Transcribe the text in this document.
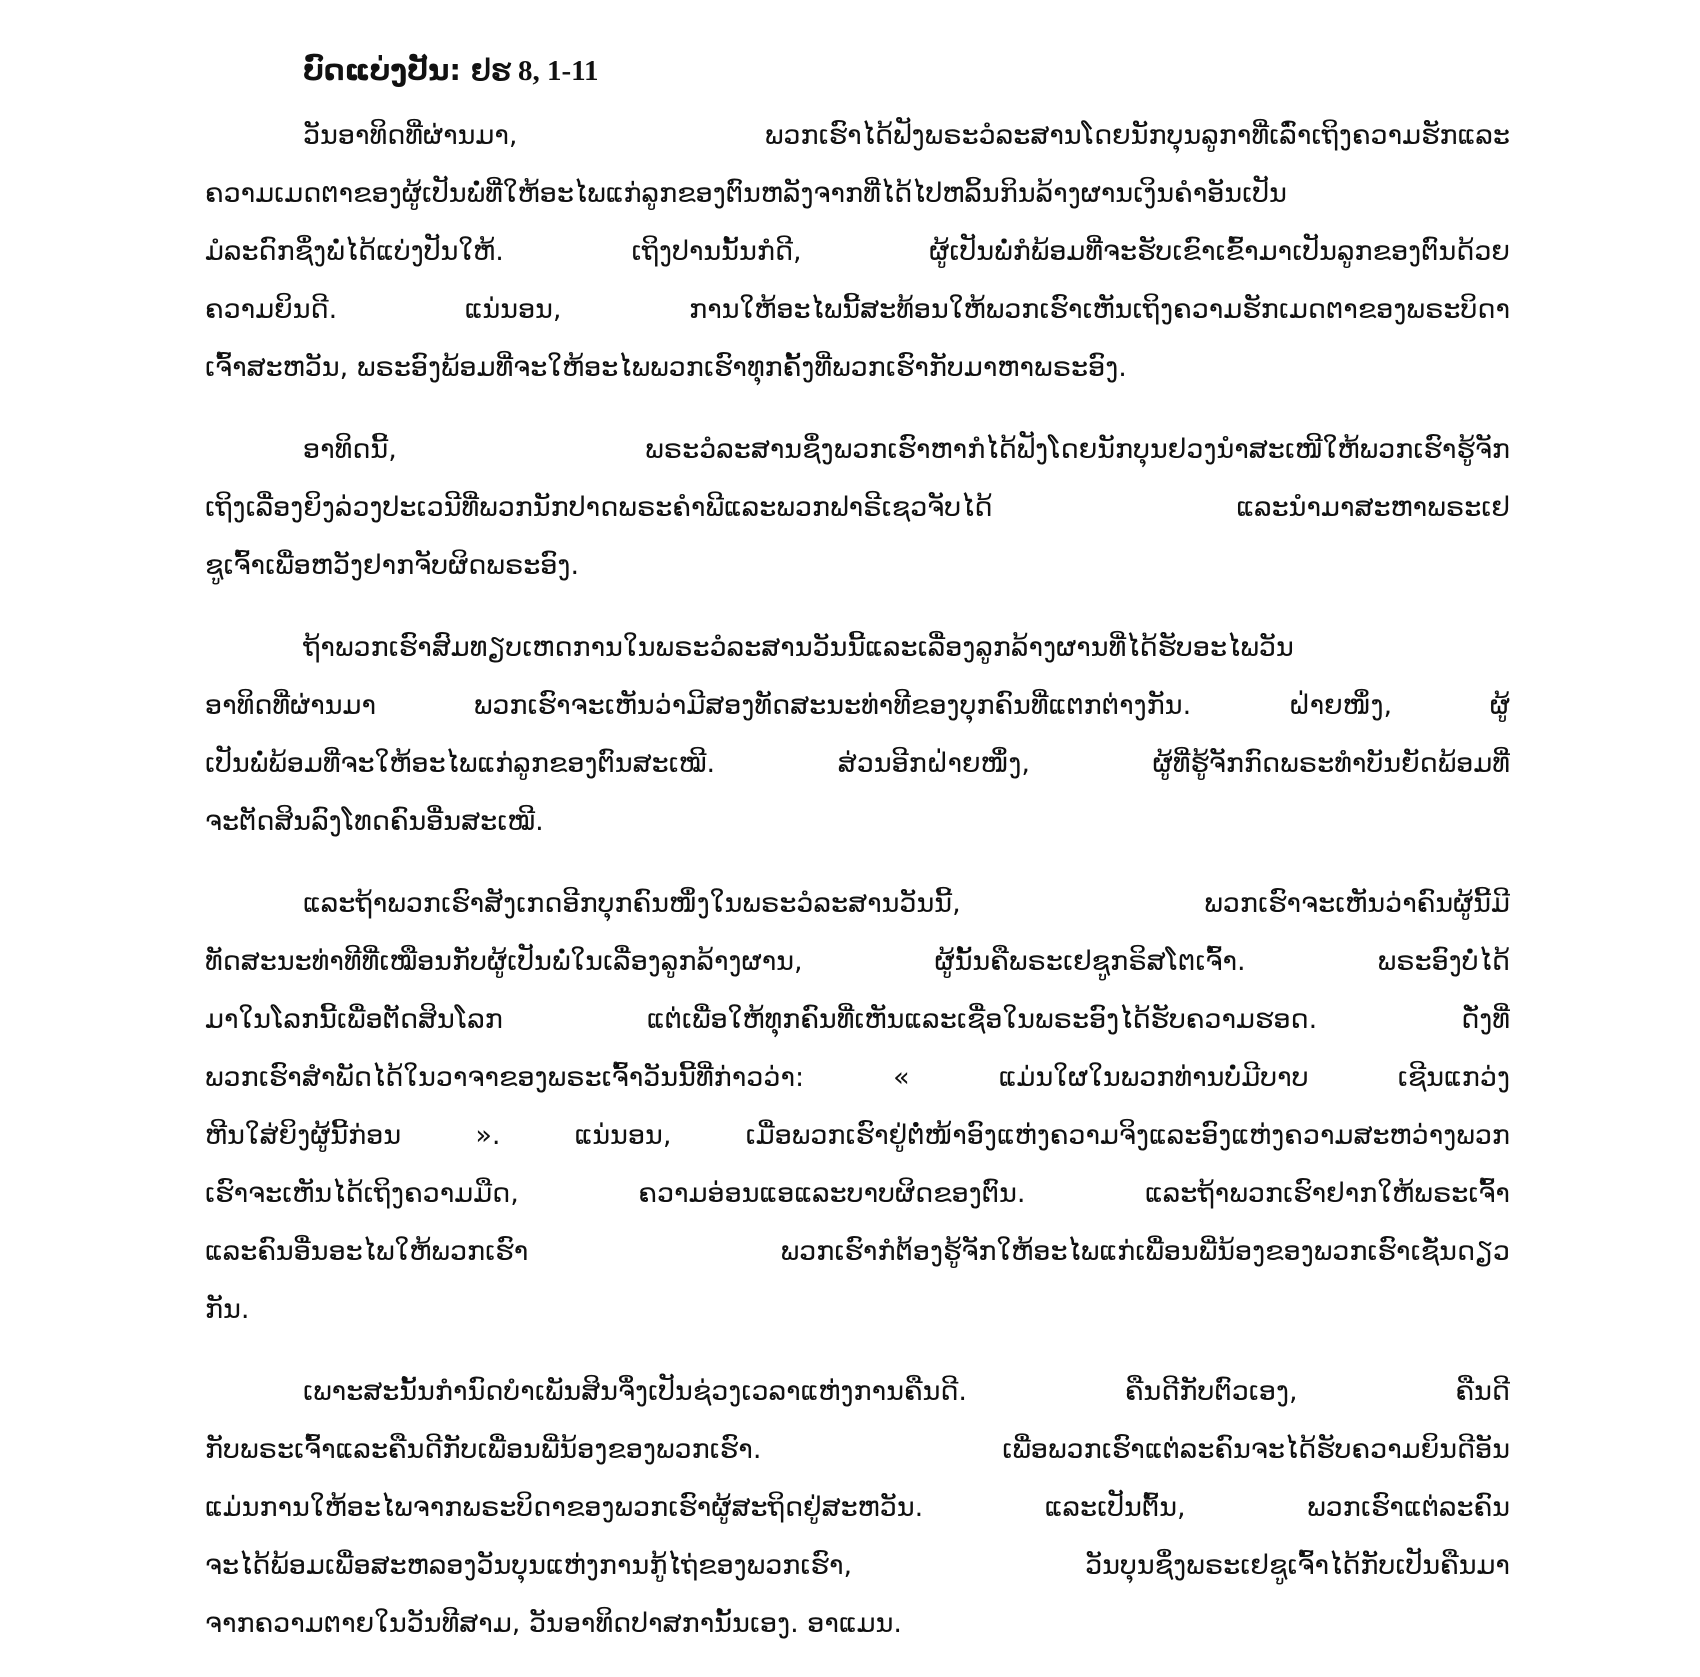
ບົດແບ່ງປັນ: ຢຮ 8, 1-11
ວັນອາທິດທີ່ຜ່ານມາ, ພວກເຮົາໄດ້ຟັງພຣະວໍລະສານໂດຍນັກບຸນລູກາທີ່ເລົ່າເຖິງຄວາມຮັກແລະ
ຄວາມເມດຕາຂອງຜູ້ເປັນພໍ່ທີ່ໃຫ້ອະໄພແກ່ລູກຂອງຕົນຫລັງຈາກທີ່ໄດ້ໄປຫລິ້ນກິນລ້າງຜານເງິນຄຳອັນເປັນ
ມໍລະດົກຊຶ່ງພໍ່ໄດ້ແບ່ງປັນໃຫ້. ເຖິງປານນັ້ນກໍດີ, ຜູ້ເປັນພໍ່ກໍພ້ອມທີ່ຈະຮັບເຂົາເຂົ້າມາເປັນລູກຂອງຕົນດ້ວຍ
ຄວາມຍິນດີ. ແນ່ນອນ, ການໃຫ້ອະໄພນີ້ສະທ້ອນໃຫ້ພວກເຮົາເຫັນເຖິງຄວາມຮັກເມດຕາຂອງພຣະບິດາ
ເຈົ້າສະຫວັນ, ພຣະອົງພ້ອມທີ່ຈະໃຫ້ອະໄພພວກເຮົາທຸກຄັ້ງທີ່ພວກເຮົາກັບມາຫາພຣະອົງ.
ອາທິດນີ້, ພຣະວໍລະສານຊຶ່ງພວກເຮົາຫາກໍໄດ້ຟັງໂດຍນັກບຸນຢວງນຳສະເໜີໃຫ້ພວກເຮົາຮູ້ຈັກ
ເຖິງເລື່ອງຍິງລ່ວງປະເວນີທີ່ພວກນັກປາດພຣະຄຳພີແລະພວກຟາຣີເຊວຈັບໄດ້ ແລະນຳມາສະຫາພຣະເຢ
ຊູເຈົ້າເພື່ອຫວັງຢາກຈັບຜິດພຣະອົງ.
ຖ້າພວກເຮົາສົມທຽບເຫດການໃນພຣະວໍລະສານວັນນີ້ແລະເລື່ອງລູກລ້າງຜານທີ່ໄດ້ຮັບອະໄພວັນ
ອາທິດທີ່ຜ່ານມາ ພວກເຮົາຈະເຫັນວ່າມີສອງທັດສະນະທ່າທີຂອງບຸກຄົນທີ່ແຕກຕ່າງກັນ. ຝ່າຍໜຶ່ງ, ຜູ້
ເປັນພໍ່ພ້ອມທີ່ຈະໃຫ້ອະໄພແກ່ລູກຂອງຕົນສະເໝີ. ສ່ວນອີກຝ່າຍໜຶ່ງ, ຜູ້ທີ່ຮູ້ຈັກກົດພຣະທຳບັນຍັດພ້ອມທີ່
ຈະຕັດສິນລົງໂທດຄົນອື່ນສະເໝີ.
ແລະຖ້າພວກເຮົາສັງເກດອີກບຸກຄົນໜຶ່ງໃນພຣະວໍລະສານວັນນີ້, ພວກເຮົາຈະເຫັນວ່າຄົນຜູ້ນີ້ມີ
ທັດສະນະທ່າທີທີ່ເໝືອນກັບຜູ້ເປັນພໍ່ໃນເລື່ອງລູກລ້າງຜານ, ຜູ້ນັ້ນຄືພຣະເຢຊູກຣິສໂຕເຈົ້າ. ພຣະອົງບໍ່ໄດ້
ມາໃນໂລກນີ້ເພື່ອຕັດສິນໂລກ ແຕ່ເພື່ອໃຫ້ທຸກຄົນທີ່ເຫັນແລະເຊື່ອໃນພຣະອົງໄດ້ຮັບຄວາມຮອດ. ດັ່ງທີ່
ພວກເຮົາສຳພັດໄດ້ໃນວາຈາຂອງພຣະເຈົ້າວັນນີ້ທີ່ກ່າວວ່າ: « ແມ່ນໃຜໃນພວກທ່ານບໍ່ມີບາບ ເຊີນແກວ່ງ
ຫີນໃສ່ຍິງຜູ້ນີ້ກ່ອນ ». ແນ່ນອນ, ເມື່ອພວກເຮົາຢູ່ຕໍ່ໜ້າອົງແຫ່ງຄວາມຈິງແລະອົງແຫ່ງຄວາມສະຫວ່າງພວກ
ເຮົາຈະເຫັນໄດ້ເຖິງຄວາມມືດ, ຄວາມອ່ອນແອແລະບາບຜິດຂອງຕົນ. ແລະຖ້າພວກເຮົາຢາກໃຫ້ພຣະເຈົ້າ
ແລະຄົນອື່ນອະໄພໃຫ້ພວກເຮົາ ພວກເຮົາກໍຕ້ອງຮູ້ຈັກໃຫ້ອະໄພແກ່ເພື່ອນພີ່ນ້ອງຂອງພວກເຮົາເຊັ່ນດຽວ
ກັນ.
ເພາະສະນັ້ນກຳນົດບຳເພັນສິນຈຶ່ງເປັນຊ່ວງເວລາແຫ່ງການຄືນດີ. ຄືນດີກັບຕົວເອງ, ຄືນດີ
ກັບພຣະເຈົ້າແລະຄືນດີກັບເພື່ອນພີ່ນ້ອງຂອງພວກເຮົາ. ເພື່ອພວກເຮົາແຕ່ລະຄົນຈະໄດ້ຮັບຄວາມຍິນດີອັນ
ແມ່ນການໃຫ້ອະໄພຈາກພຣະບິດາຂອງພວກເຮົາຜູ້ສະຖິດຢູ່ສະຫວັນ. ແລະເປັນຕົ້ນ, ພວກເຮົາແຕ່ລະຄົນ
ຈະໄດ້ພ້ອມເພື່ອສະຫລອງວັນບຸນແຫ່ງການກູ້ໄຖ່ຂອງພວກເຮົາ, ວັນບຸນຊຶ່ງພຣະເຢຊູເຈົ້າໄດ້ກັບເປັນຄືນມາ
ຈາກຄວາມຕາຍໃນວັນທີສາມ, ວັນອາທິດປາສການັ້ນເອງ. ອາແມນ.
